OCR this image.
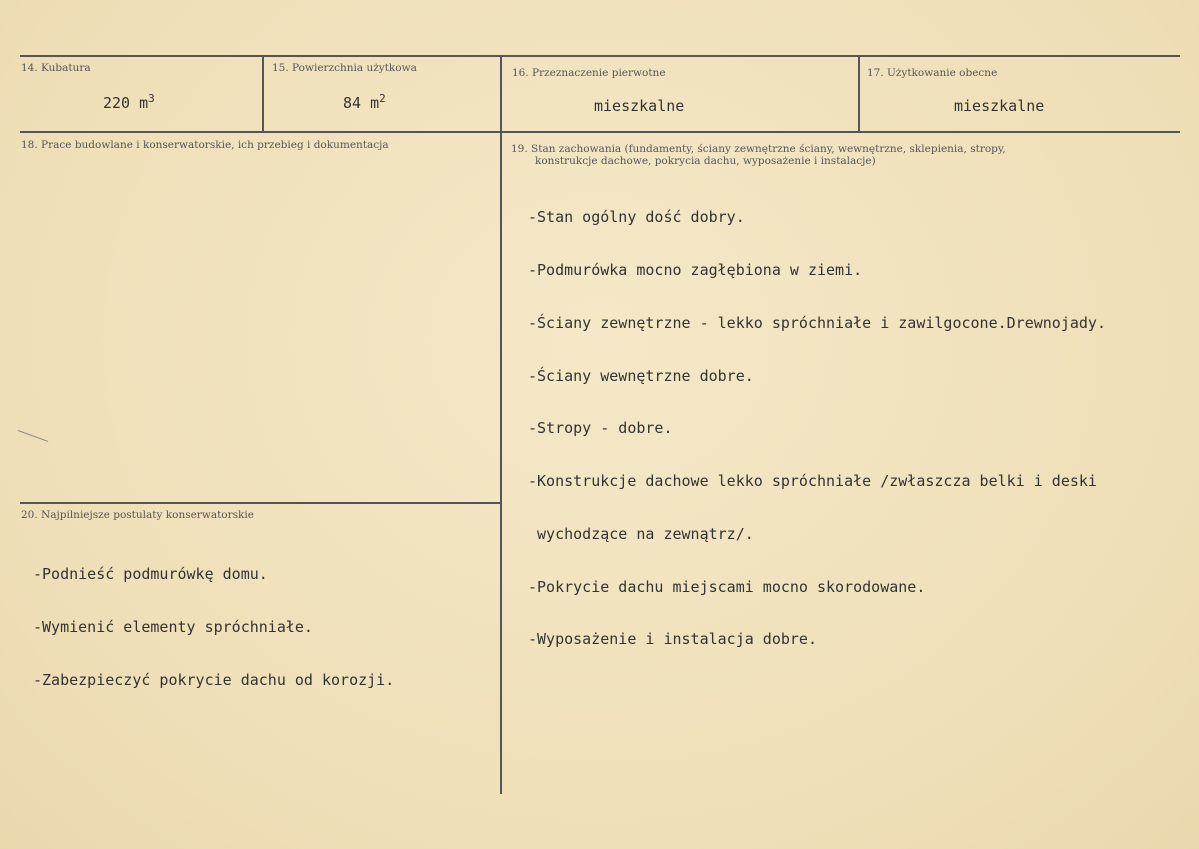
14. Kubatura
220 $m^3$
15. Powierzchnia użytkowa
84 $m^2$
16. Przeznaczenie pierwotne
mieszkalne
17. Użytkowanie obecne
mieszkalne
18. Prace budowlane i konserwatorskie, ich przebieg i dokumentacja	19. Stan zachowania (fundamenty, ściany zewnętrzne ściany, wewnętrzne, sklepienia, stropy,
konstrukcje dachowe, pokrycia dachu, wyposażenie i instalacje)

-Stan ogólny dość dobry.

-Podmurówka mocno zagłębiona w ziemi.

-Ściany zewnętrzne - lekko spróchniałe i zawilgocone.Drewnojady.

-Ściany wewnętrzne dobre.

-Stropy - dobre.

-Konstrukcje dachowe lekko spróchniałe /zwłaszcza belki i deski

wychodzące na zewnątrz/.

-Pokrycie dachu miejscami mocno skorodowane.

-Wyposażenie i instalacja dobre.

20. Najpilniejsze postulaty konserwatorskie

-Podnieść podmurówkę domu.

-Wymienić elementy spróchniałe.

-Zabezpieczyć pokrycie dachu od korozji.
